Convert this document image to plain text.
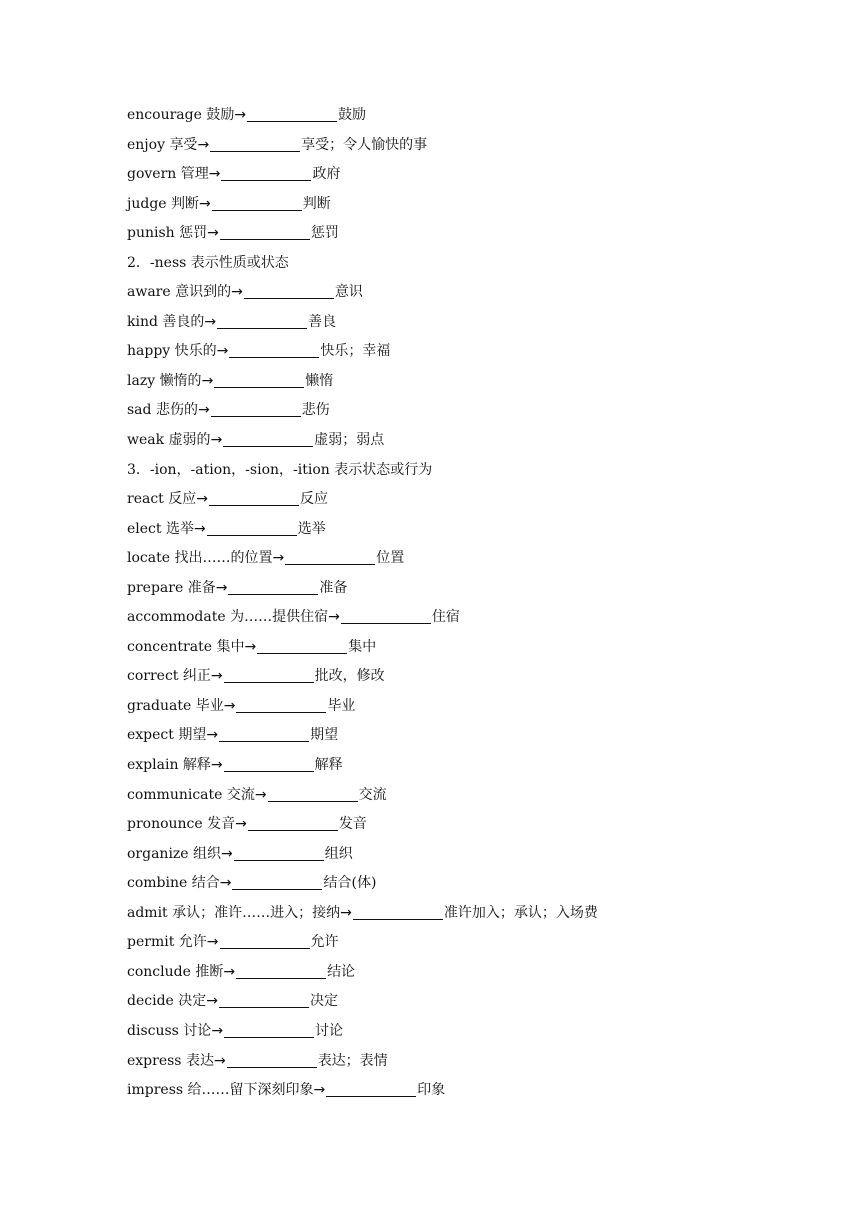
encourage 鼓励→	鼓励
enjoy 享受→	享受；令人愉快的事
govern 管理→	政府
judge 判断→	判断
punish 惩罚→	惩罚
2．-ness 表示性质或状态
aware 意识到的→	意识
kind 善良的→	善良
happy 快乐的→	快乐；幸福
lazy 懒惰的→	懒惰
sad 悲伤的→	悲伤
weak 虚弱的→	虚弱；弱点
3．-ion，-ation，-sion，-ition 表示状态或行为
react 反应→	反应
elect 选举→	选举
locate 找出……的位置→	位置
prepare 准备→	准备
accommodate 为……提供住宿→	住宿
concentrate 集中→	集中
correct 纠正→	批改，修改
graduate 毕业→	毕业
expect 期望→	期望
explain 解释→	解释
communicate 交流→	交流
pronounce 发音→	发音
organize 组织→	组织
combine 结合→	结合(体)
admit 承认；准许……进入；接纳→	准许加入；承认；入场费
permit 允许→	允许
conclude 推断→	结论
decide 决定→	决定
discuss 讨论→	讨论
express 表达→	表达；表情
impress 给……留下深刻印象→	印象
